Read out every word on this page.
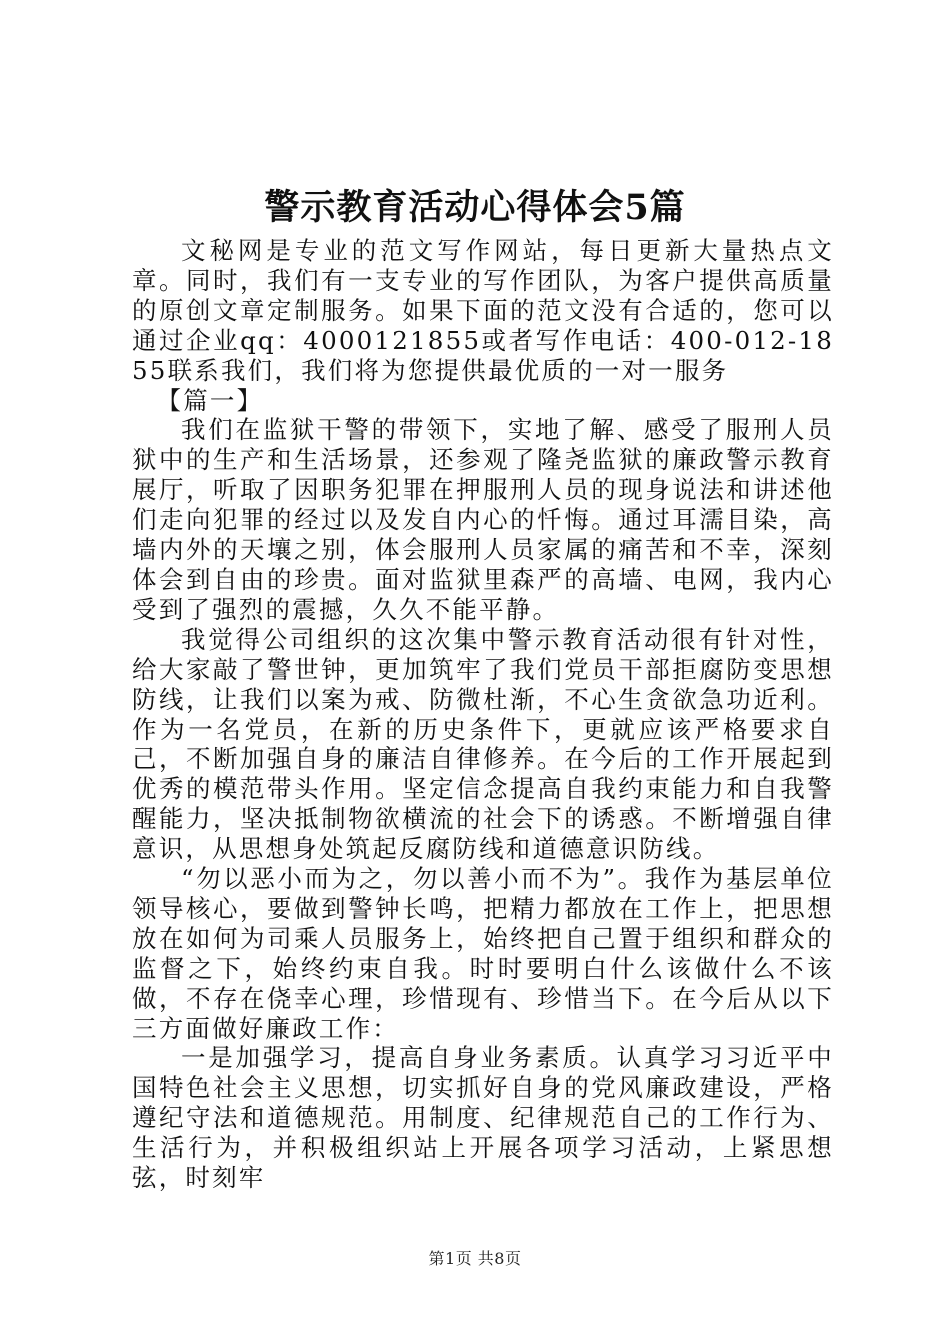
警示教育活动心得体会5篇

文秘网是专业的范文写作网站，每日更新大量热点文章。同时，我们有一支专业的写作团队，为客户提供高质量的原创文章定制服务。如果下面的范文没有合适的，您可以通过企业qq：4000121855或者写作电话：400-012-1855联系我们，我们将为您提供最优质的一对一服务

【篇一】

我们在监狱干警的带领下，实地了解、感受了服刑人员狱中的生产和生活场景，还参观了隆尧监狱的廉政警示教育展厅，听取了因职务犯罪在押服刑人员的现身说法和讲述他们走向犯罪的经过以及发自内心的忏悔。通过耳濡目染，高墙内外的天壤之别，体会服刑人员家属的痛苦和不幸，深刻体会到自由的珍贵。面对监狱里森严的高墙、电网，我内心受到了强烈的震撼，久久不能平静。

我觉得公司组织的这次集中警示教育活动很有针对性，给大家敲了警世钟，更加筑牢了我们党员干部拒腐防变思想防线，让我们以案为戒、防微杜渐，不心生贪欲急功近利。作为一名党员，在新的历史条件下，更就应该严格要求自己，不断加强自身的廉洁自律修养。在今后的工作开展起到优秀的模范带头作用。坚定信念提高自我约束能力和自我警醒能力，坚决抵制物欲横流的社会下的诱惑。不断增强自律意识，从思想身处筑起反腐防线和道德意识防线。

“勿以恶小而为之，勿以善小而不为”。我作为基层单位领导核心，要做到警钟长鸣，把精力都放在工作上，把思想放在如何为司乘人员服务上，始终把自己置于组织和群众的监督之下，始终约束自我。时时要明白什么该做什么不该做，不存在侥幸心理，珍惜现有、珍惜当下。在今后从以下三方面做好廉政工作：

一是加强学习，提高自身业务素质。认真学习习近平中国特色社会主义思想，切实抓好自身的党风廉政建设，严格遵纪守法和道德规范。用制度、纪律规范自己的工作行为、生活行为，并积极组织站上开展各项学习活动，上紧思想弦，时刻牢

第1页 共8页
